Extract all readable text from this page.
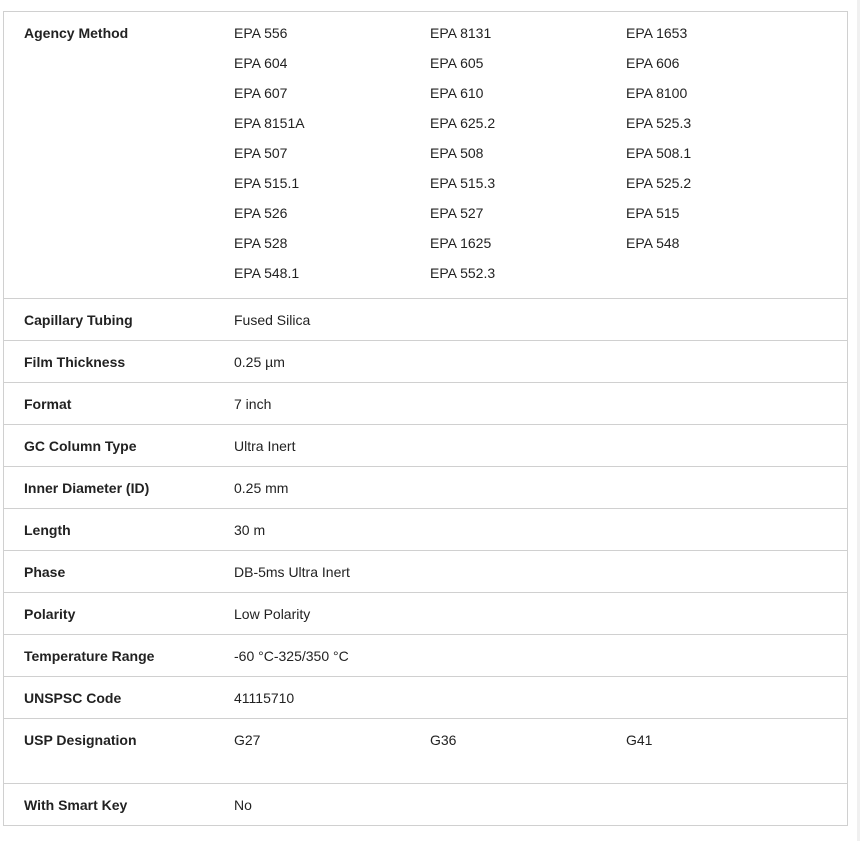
Agency Method	EPA 556	EPA 8131	EPA 1653
EPA 604	EPA 605	EPA 606
EPA 607	EPA 610	EPA 8100
EPA 8151A	EPA 625.2	EPA 525.3
EPA 507	EPA 508	EPA 508.1
EPA 515.1	EPA 515.3	EPA 525.2
EPA 526	EPA 527	EPA 515
EPA 528	EPA 1625	EPA 548
EPA 548.1	EPA 552.3
Capillary Tubing	Fused Silica
Film Thickness	0.25 µm
Format	7 inch
GC Column Type	Ultra Inert
Inner Diameter (ID)	0.25 mm
Length	30 m
Phase	DB-5ms Ultra Inert
Polarity	Low Polarity
Temperature Range	-60 °C-325/350 °C
UNSPSC Code	41115710
USP Designation	G27	G36	G41
With Smart Key	No
